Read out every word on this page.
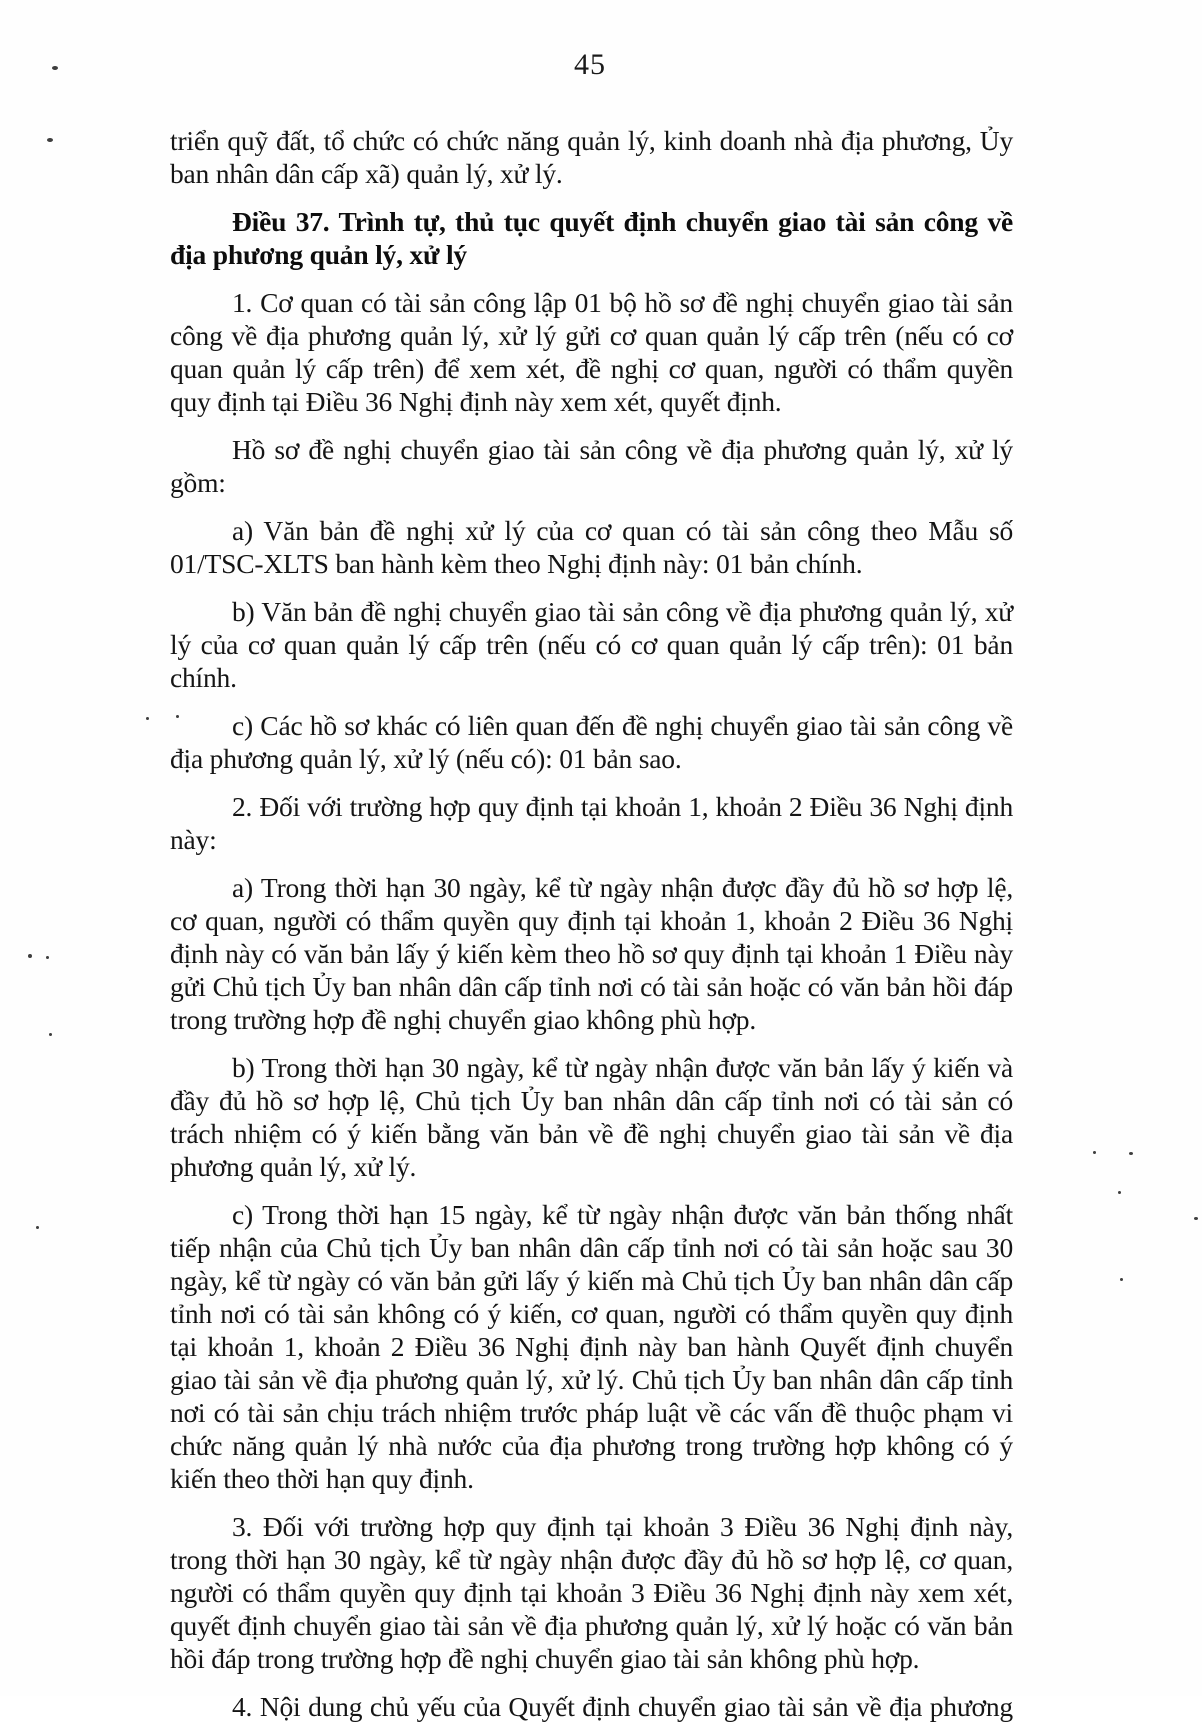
45

triển quỹ đất, tổ chức có chức năng quản lý, kinh doanh nhà địa phương, Ủy ban nhân dân cấp xã) quản lý, xử lý.

Điều 37. Trình tự, thủ tục quyết định chuyển giao tài sản công về địa phương quản lý, xử lý

1. Cơ quan có tài sản công lập 01 bộ hồ sơ đề nghị chuyển giao tài sản công về địa phương quản lý, xử lý gửi cơ quan quản lý cấp trên (nếu có cơ quan quản lý cấp trên) để xem xét, đề nghị cơ quan, người có thẩm quyền quy định tại Điều 36 Nghị định này xem xét, quyết định.

Hồ sơ đề nghị chuyển giao tài sản công về địa phương quản lý, xử lý gồm:

a) Văn bản đề nghị xử lý của cơ quan có tài sản công theo Mẫu số 01/TSC-XLTS ban hành kèm theo Nghị định này: 01 bản chính.

b) Văn bản đề nghị chuyển giao tài sản công về địa phương quản lý, xử lý của cơ quan quản lý cấp trên (nếu có cơ quan quản lý cấp trên): 01 bản chính.

c) Các hồ sơ khác có liên quan đến đề nghị chuyển giao tài sản công về địa phương quản lý, xử lý (nếu có): 01 bản sao.

2. Đối với trường hợp quy định tại khoản 1, khoản 2 Điều 36 Nghị định này:

a) Trong thời hạn 30 ngày, kể từ ngày nhận được đầy đủ hồ sơ hợp lệ, cơ quan, người có thẩm quyền quy định tại khoản 1, khoản 2 Điều 36 Nghị định này có văn bản lấy ý kiến kèm theo hồ sơ quy định tại khoản 1 Điều này gửi Chủ tịch Ủy ban nhân dân cấp tỉnh nơi có tài sản hoặc có văn bản hồi đáp trong trường hợp đề nghị chuyển giao không phù hợp.

b) Trong thời hạn 30 ngày, kể từ ngày nhận được văn bản lấy ý kiến và đầy đủ hồ sơ hợp lệ, Chủ tịch Ủy ban nhân dân cấp tỉnh nơi có tài sản có trách nhiệm có ý kiến bằng văn bản về đề nghị chuyển giao tài sản về địa phương quản lý, xử lý.

c) Trong thời hạn 15 ngày, kể từ ngày nhận được văn bản thống nhất tiếp nhận của Chủ tịch Ủy ban nhân dân cấp tỉnh nơi có tài sản hoặc sau 30 ngày, kể từ ngày có văn bản gửi lấy ý kiến mà Chủ tịch Ủy ban nhân dân cấp tỉnh nơi có tài sản không có ý kiến, cơ quan, người có thẩm quyền quy định tại khoản 1, khoản 2 Điều 36 Nghị định này ban hành Quyết định chuyển giao tài sản về địa phương quản lý, xử lý. Chủ tịch Ủy ban nhân dân cấp tỉnh nơi có tài sản chịu trách nhiệm trước pháp luật về các vấn đề thuộc phạm vi chức năng quản lý nhà nước của địa phương trong trường hợp không có ý kiến theo thời hạn quy định.

3. Đối với trường hợp quy định tại khoản 3 Điều 36 Nghị định này, trong thời hạn 30 ngày, kể từ ngày nhận được đầy đủ hồ sơ hợp lệ, cơ quan, người có thẩm quyền quy định tại khoản 3 Điều 36 Nghị định này xem xét, quyết định chuyển giao tài sản về địa phương quản lý, xử lý hoặc có văn bản hồi đáp trong trường hợp đề nghị chuyển giao tài sản không phù hợp.

4. Nội dung chủ yếu của Quyết định chuyển giao tài sản về địa phương
